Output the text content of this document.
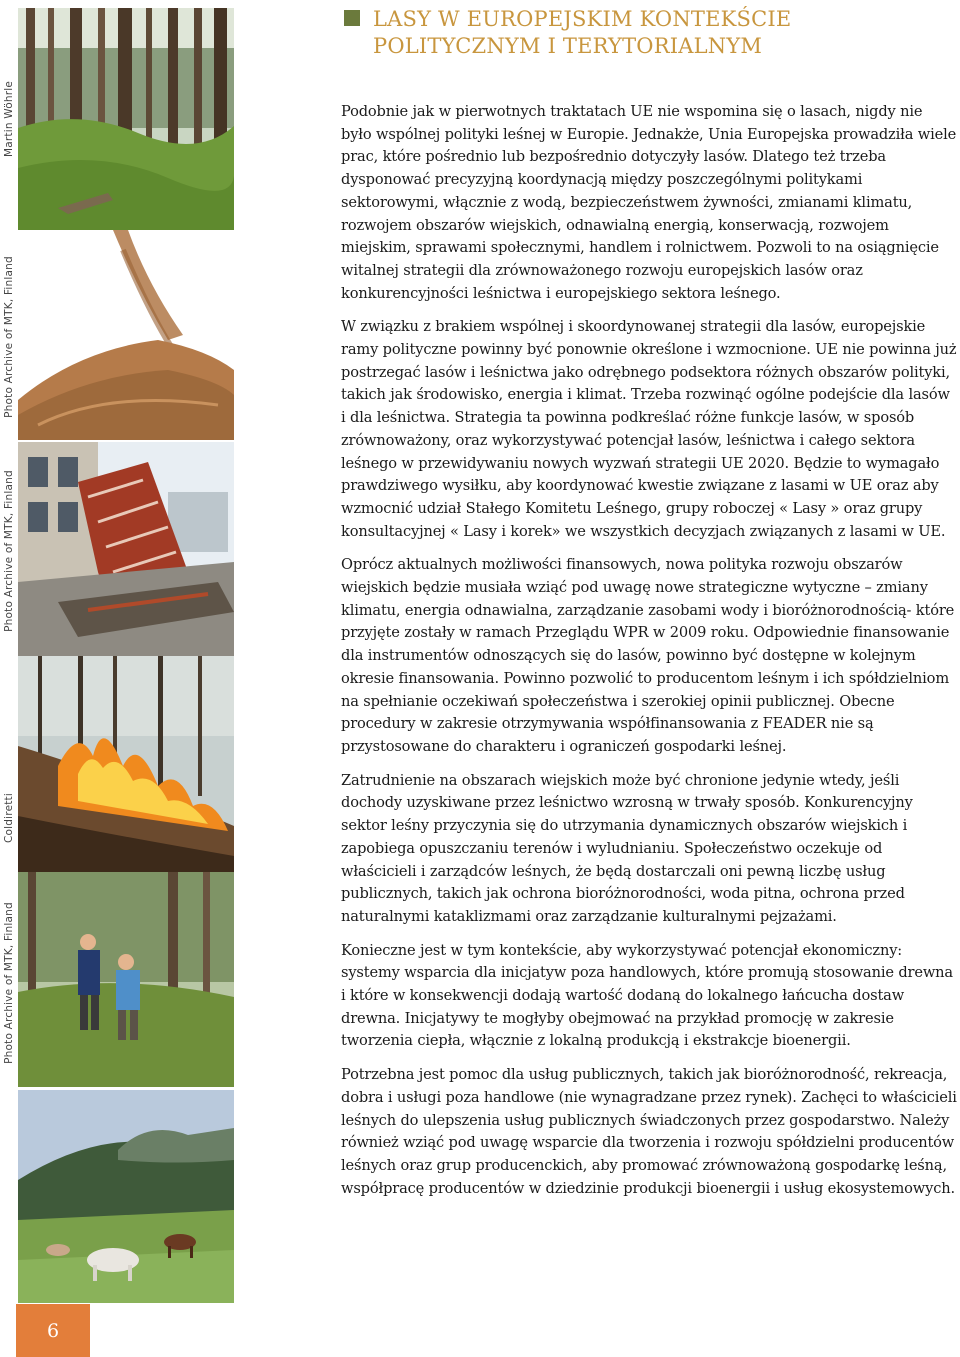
Martin Wöhrle
Photo Archive of MTK, Finland
Photo Archive of MTK, Finland
Coldiretti
Photo Archive of MTK, Finland
LASY W EUROPEJSKIM KONTEKŚCIE POLITYCZNYM I TERYTORIALNYM

Podobnie jak w pierwotnych traktatach UE nie wspomina się o lasach, nigdy nie było wspólnej polityki leśnej w Europie. Jednakże, Unia Europejska prowadziła wiele prac, które pośrednio lub bezpośrednio dotyczyły lasów. Dlatego też trzeba dysponować precyzyjną koordynacją między poszczególnymi politykami sektorowymi, włącznie z wodą, bezpieczeństwem żywności, zmianami klimatu, rozwojem obszarów wiejskich, odnawialną energią, konserwacją, rozwojem miejskim, sprawami społecznymi, handlem i rolnictwem. Pozwoli to na osiągnięcie witalnej strategii dla zrównoważonego rozwoju europejskich lasów oraz konkurencyjności leśnictwa i europejskiego sektora leśnego.

W związku z brakiem wspólnej i skoordynowanej strategii dla lasów, europejskie ramy polityczne powinny być ponownie określone i wzmocnione. UE nie powinna już postrzegać lasów i leśnictwa jako odrębnego podsektora różnych obszarów polityki, takich jak środowisko, energia i klimat. Trzeba rozwinąć ogólne podejście dla lasów i dla leśnictwa. Strategia ta powinna podkreślać różne funkcje lasów, w sposób zrównoważony, oraz wykorzystywać potencjał lasów, leśnictwa i całego sektora leśnego w przewidywaniu nowych wyzwań strategii UE 2020. Będzie to wymagało prawdziwego wysiłku, aby koordynować kwestie związane z lasami w UE oraz aby wzmocnić udział Stałego Komitetu Leśnego, grupy roboczej « Lasy » oraz grupy konsultacyjnej « Lasy i korek» we wszystkich decyzjach związanych z lasami w UE.

Oprócz aktualnych możliwości finansowych, nowa polityka rozwoju obszarów wiejskich będzie musiała wziąć pod uwagę nowe strategiczne wytyczne – zmiany klimatu, energia odnawialna, zarządzanie zasobami wody i bioróżnorodnością- które przyjęte zostały w ramach Przeglądu WPR w 2009 roku. Odpowiednie finansowanie dla instrumentów odnoszących się do lasów, powinno być dostępne w kolejnym okresie finansowania. Powinno pozwolić to producentom leśnym i ich spółdzielniom na spełnianie oczekiwań społeczeństwa i szerokiej opinii publicznej. Obecne procedury w zakresie otrzymywania współfinansowania z FEADER nie są przystosowane do charakteru i ograniczeń gospodarki leśnej.

Zatrudnienie na obszarach wiejskich może być chronione jedynie wtedy, jeśli dochody uzyskiwane przez leśnictwo wzrosną w trwały sposób. Konkurencyjny sektor leśny przyczynia się do utrzymania dynamicznych obszarów wiejskich i zapobiega opuszczaniu terenów i wyludnianiu. Społeczeństwo oczekuje od właścicieli i zarządców leśnych, że będą dostarczali oni pewną liczbę usług publicznych, takich jak ochrona bioróżnorodności, woda pitna, ochrona przed naturalnymi kataklizmami oraz zarządzanie kulturalnymi pejzażami.

Konieczne jest w tym kontekście, aby wykorzystywać potencjał ekonomiczny: systemy wsparcia dla inicjatyw poza handlowych, które promują stosowanie drewna i które w konsekwencji dodają wartość dodaną do lokalnego łańcucha dostaw drewna. Inicjatywy te mogłyby obejmować na przykład promocję w zakresie tworzenia ciepła, włącznie z lokalną produkcją i ekstrakcje bioenergii.

Potrzebna jest pomoc dla usług publicznych, takich jak bioróżnorodność, rekreacja, dobra i usługi poza handlowe (nie wynagradzane przez rynek). Zachęci to właścicieli leśnych do ulepszenia usług publicznych świadczonych przez gospodarstwo. Należy również wziąć pod uwagę wsparcie dla tworzenia i rozwoju spółdzielni producentów leśnych oraz grup producenckich, aby promować zrównoważoną gospodarkę leśną, współpracę producentów w dziedzinie produkcji bioenergii i usług ekosystemowych.

6
